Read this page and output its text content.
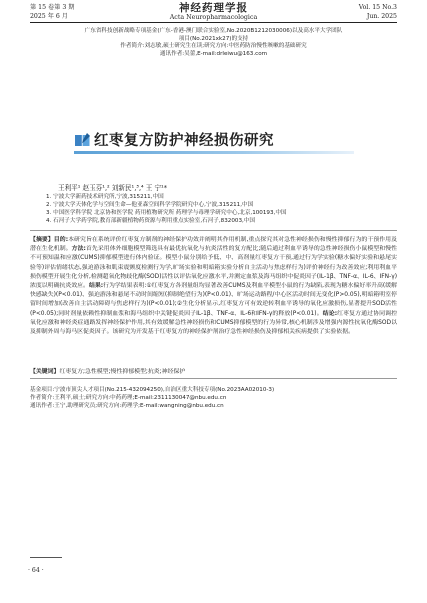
第 15 卷第 3 期
2025 年 6 月
神经药理学报
Acta Neuropharmacologica
Vol. 15 No.3
Jun. 2025
广东省科技创新战略专项基金(广东-香港-澳门联合实验室,No.2020B1212030006)以及高水平大学团队
项目(No.2021xk27)的支持
作者简介:刘志敏,硕士研究生在读;研究方向:中医药防治慢性咳嗽的基础研究
通讯作者:吴蕾,E-mail:drleiwu@163.com
红枣复方防护神经损伤研究
王利平¹ 赵玉芬¹,² 刘新民¹,³,⁴ 王 宁¹*
1. 宁波大学新药技术研究所,宁波,315211,中国
2. 宁波大学天体化学与空间生命—他亚森空间科学学院研究中心,宁波,315211,中国
3. 中国医学科学院 北京协和医学院 药用植物研究所 药理学与毒理学研究中心,北京,100193,中国
4. 石河子大学药学院,教育部新疆植物药资源与利用重点实验室,石河子,832003,中国
【摘要】目的:本研究旨在系统评价红枣复方制剂的神经保护功效并阐明其作用机制,重点探究其对急性神经损伤和慢性抑郁行为的干预作用及潜在生化机制。方法:首先采用体外细胞模型筛选具有最优抗氧化与抗炎活性的复方配比;随后通过利血平诱导的急性神经损伤小鼠模型和慢性不可预知温和应激(CUMS)抑郁模型进行体内验证。模型小鼠分别给予低、中、高剂量红枣复方干预,通过行为学实验(糖水偏好实验和悬尾实验等)评估情绪状态,强迫游泳和肌束震颤度检测行为学,旷场实验和明暗箱实验分析自主活动与焦虑样行为)评价神经行为改善效应;利用利血平损伤模型开展生化分析,检测超氧化物歧化酶(SOD)活性以评估氧化应激水平,并测定血浆及海马组织中促炎因子(IL-1β、TNF-α、IL-6、IFN-γ)浓度以明确抗炎效应。结果:行为学结果表明:①红枣复方各剂量组均显著改善CUMS及利血平模型小鼠的行为缺陷,表现为糖水偏好率升高(缓解快感缺失)(P<0.01)、强迫游泳和悬尾不动时间缩短(抑制绝望行为)(P<0.01)、旷场运动路程/中心区活动时间无变化(P>0.05),明暗箱明室停留时间增加(改善自主活动障碍与焦虑样行为)(P<0.01);②生化分析显示,红枣复方可有效逆转利血平诱导的氧化应激损伤,显著提升SOD活性(P<0.05);同时剂量依赖性抑制血浆和海马组织中关键促炎因子IL-1β、TNF-α、IL-6和IFN-γ的释放(P<0.01)。结论:红枣复方通过协同调控氧化应激和神经炎症通路发挥神经保护作用,其有效缓解急性神经损伤和CUMS抑郁模型的行为异常,核心机制涉及增强内源性抗氧化酶SOD以及抑制外周与海马区促炎因子。该研究为开发基于红枣复方的神经保护剂治疗急性神经损伤及抑郁相关疾病提供了实验依据。
【关键词】红枣复方;急性模型;慢性抑郁模型;抗炎;神经保护
基金项目:宁波市顶尖人才项目(No.215-432094250),自治区重大科技专项(No.2023AA02010-3)
作者简介:王利平,硕士;研究方向:中药药理;E-mail:2311130047@nbu.edu.cn
通讯作者:王宁,助理研究员;研究方向:药理学;E-mail:wangning@nbu.edu.cn
· 64 ·
